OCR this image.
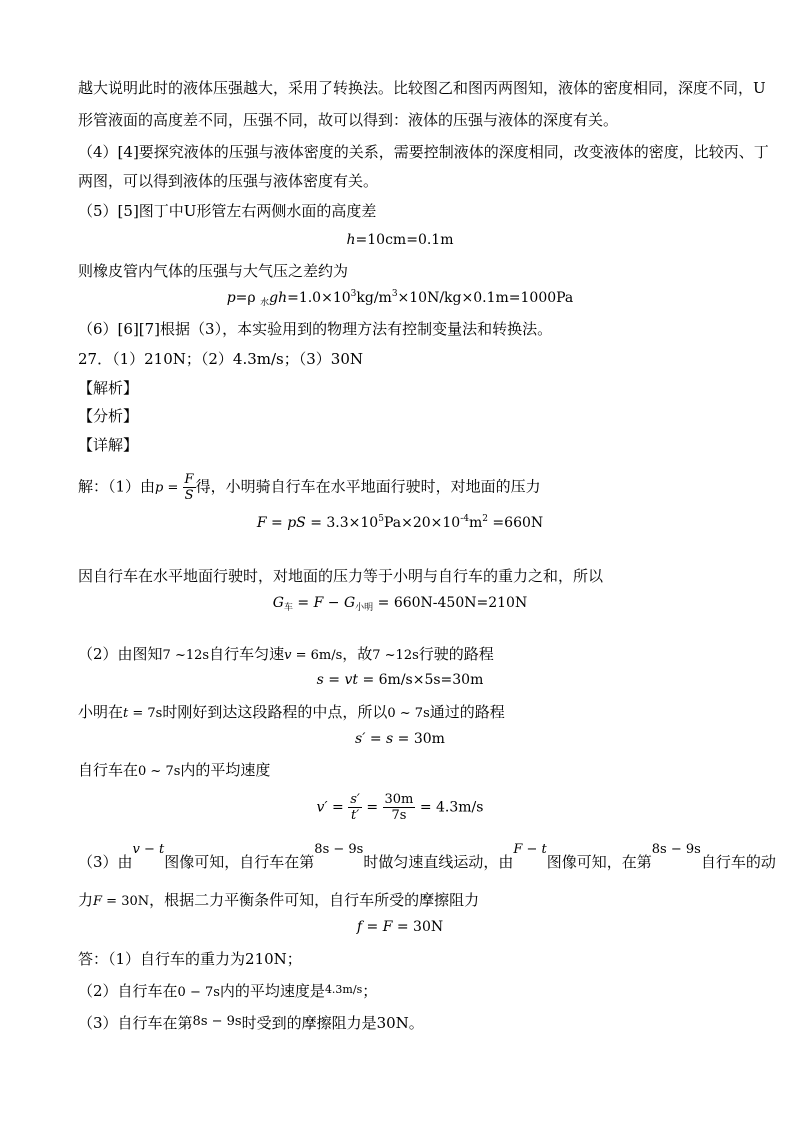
越大说明此时的液体压强越大，采用了转换法。比较图乙和图丙两图知，液体的密度相同，深度不同，U
形管液面的高度差不同，压强不同，故可以得到：液体的压强与液体的深度有关。
（4）[4]要探究液体的压强与液体密度的关系，需要控制液体的深度相同，改变液体的密度，比较丙、丁
两图，可以得到液体的压强与液体密度有关。
（5）[5]图丁中U形管左右两侧水面的高度差
h=10cm=0.1m
则橡皮管内气体的压强与大气压之差约为
p=ρ $_水gh=1.0\times 10^3kg/m^3\times 10N/kg\times 0.1m=1000Pa$
（6）[6][7]根据（3），本实验用到的物理方法有控制变量法和转换法。
27．（1）210N；（2）4.3m/s；（3）30N
【解析】
【分析】
【详解】
解：（1）由$p = \frac{F}{S}$ 得，小明骑自行车在水平地面行驶时，对地面的压力
F = pS = $3.3\times 10^5Pa\times 20\times 10^{-4}m^2 =660N$
因自行车在水平地面行驶时，对地面的压力等于小明与自行车的重力之和，所以
$G_车 = F - G_{小明} = 660N-450N=210N$
（2）由图知7 ~12s自行车匀速v = 6m/s，故7 ~12s行驶的路程
s = vt = 6m/s×5s=30m
小明在t = 7s时刚好到达这段路程的中点，所以0 ~ 7s通过的路程
s′ = s = 30m
自行车在0 ~ 7s内的平均速度
$v' = \frac{s'}{t'} = \frac{30m}{7s} = 4.3m/s$
（3）由v − t图像可知，自行车在第8s − 9s时做匀速直线运动，由F − t图像可知，在第8s − 9s自行车的动
力F = 30N，根据二力平衡条件可知，自行车所受的摩擦阻力
f = F = 30N
答：（1）自行车的重力为210N；
（2）自行车在0 − 7s内的平均速度是$^{4.3m/s}$；
（3）自行车在第8s − 9s时受到的摩擦阻力是30N。
